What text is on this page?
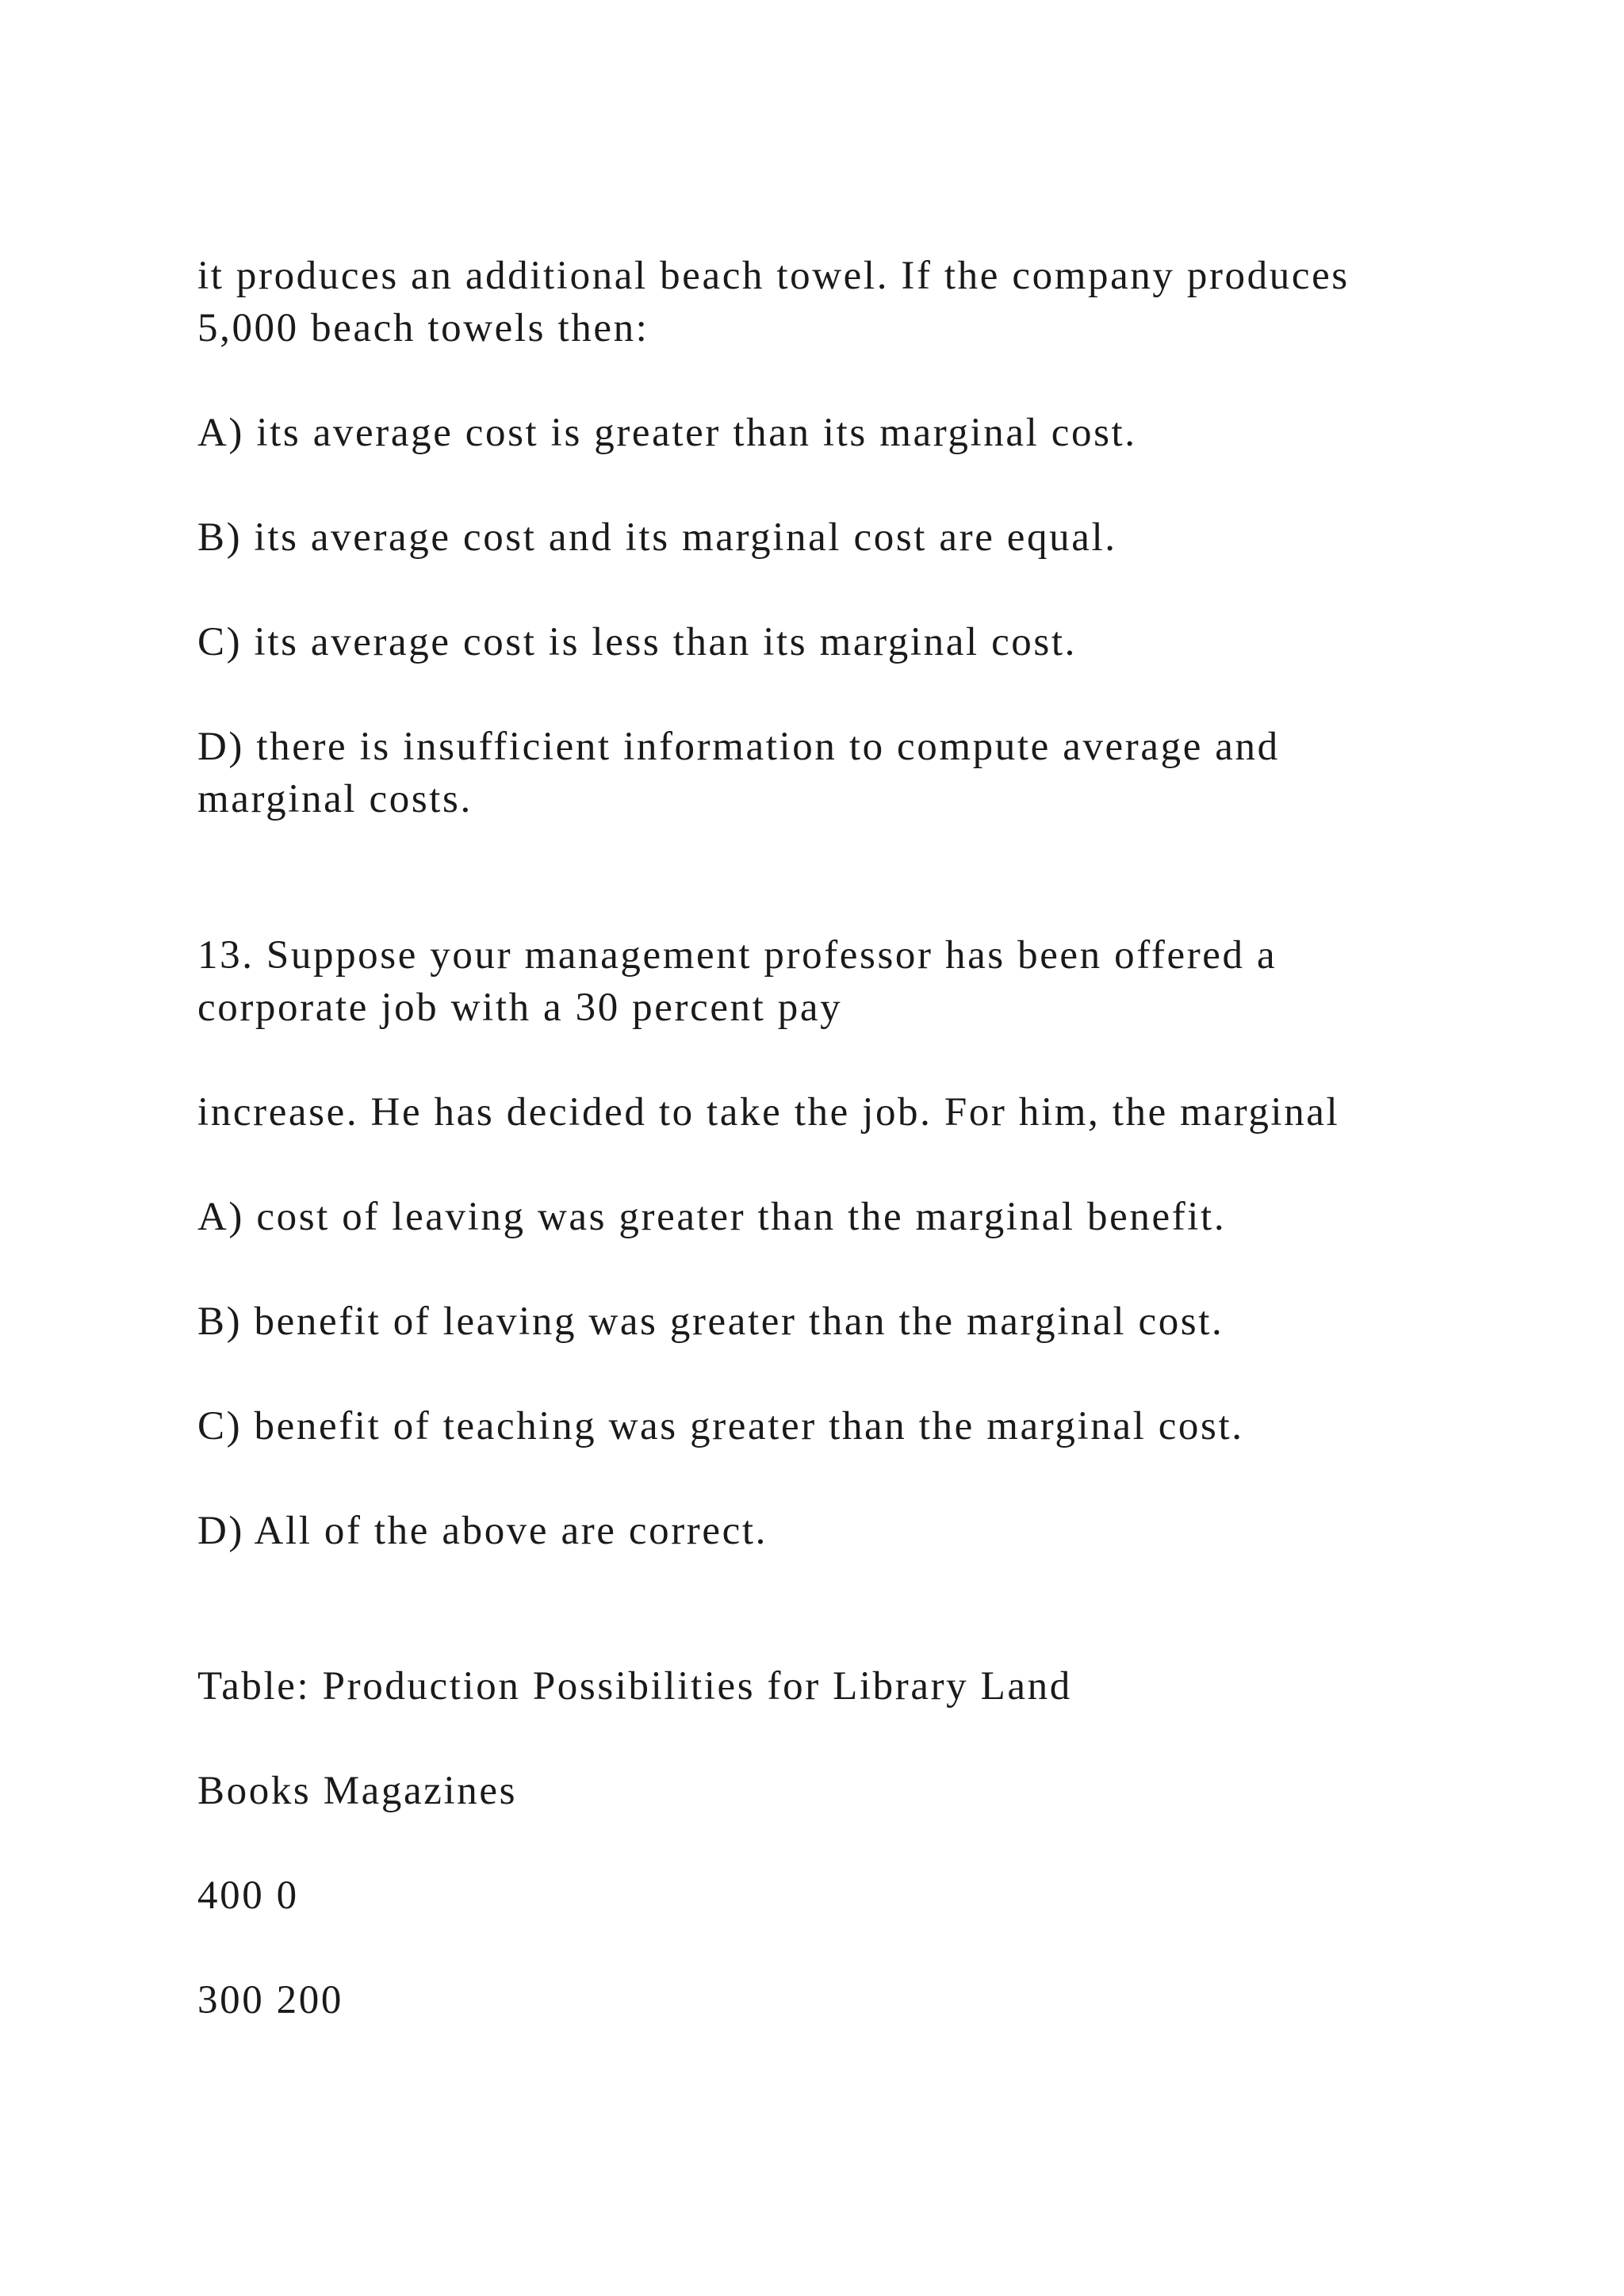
it produces an additional beach towel. If the company produces
5,000 beach towels then:
A) its average cost is greater than its marginal cost.
B) its average cost and its marginal cost are equal.
C) its average cost is less than its marginal cost.
D) there is insufficient information to compute average and
marginal costs.
13. Suppose your management professor has been offered a
corporate job with a 30 percent pay
increase. He has decided to take the job. For him, the marginal
A) cost of leaving was greater than the marginal benefit.
B) benefit of leaving was greater than the marginal cost.
C) benefit of teaching was greater than the marginal cost.
D) All of the above are correct.
Table: Production Possibilities for Library Land
Books Magazines
400 0
300 200
